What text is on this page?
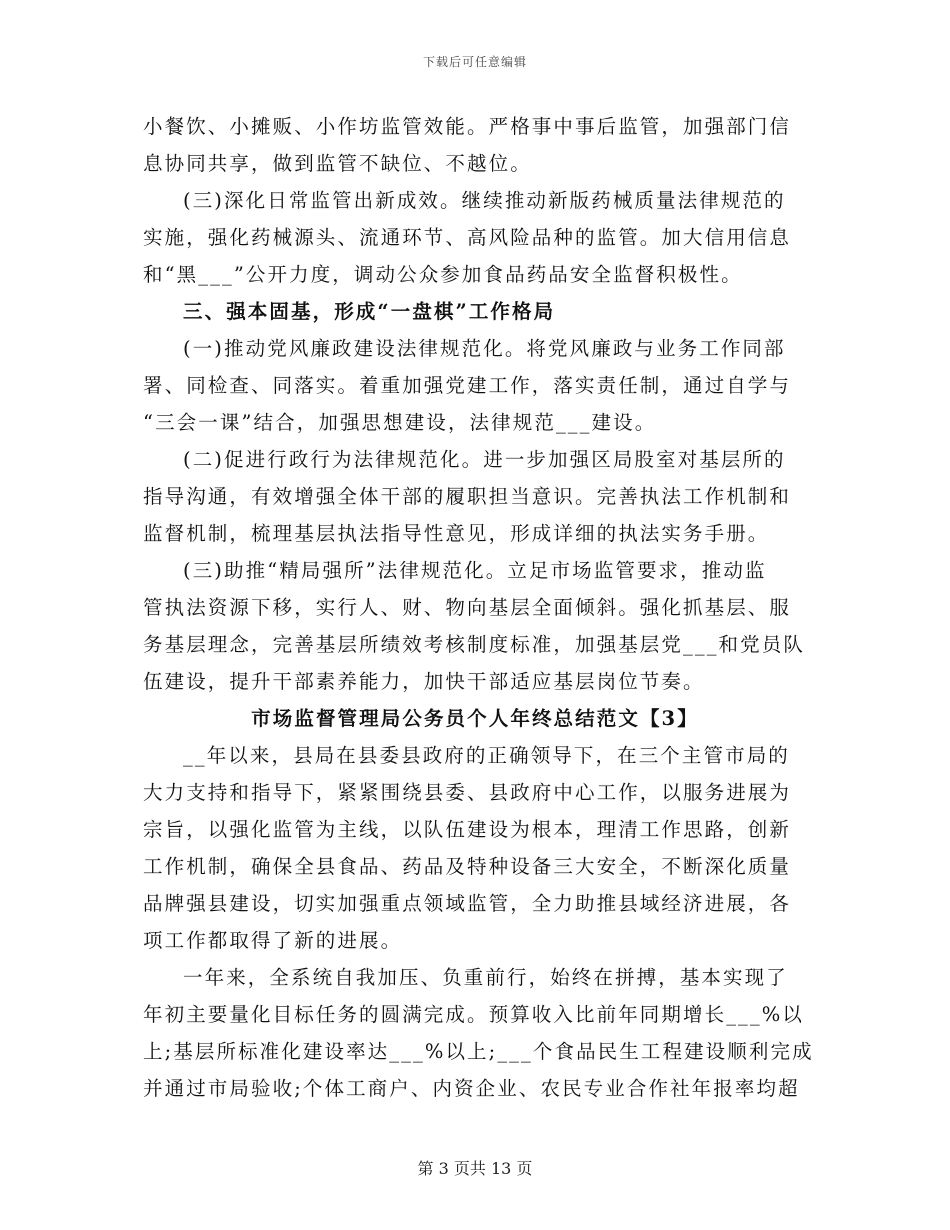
下载后可任意编辑
小餐饮、小摊贩、小作坊监管效能。严格事中事后监管，加强部门信
息协同共享，做到监管不缺位、不越位。
(三)深化日常监管出新成效。继续推动新版药械质量法律规范的
实施，强化药械源头、流通环节、高风险品种的监管。加大信用信息
和“黑___”公开力度，调动公众参加食品药品安全监督积极性。
三、强本固基，形成“一盘棋”工作格局
(一)推动党风廉政建设法律规范化。将党风廉政与业务工作同部
署、同检查、同落实。着重加强党建工作，落实责任制，通过自学与
“三会一课”结合，加强思想建设，法律规范___建设。
(二)促进行政行为法律规范化。进一步加强区局股室对基层所的
指导沟通，有效增强全体干部的履职担当意识。完善执法工作机制和
监督机制，梳理基层执法指导性意见，形成详细的执法实务手册。
(三)助推“精局强所”法律规范化。立足市场监管要求，推动监
管执法资源下移，实行人、财、物向基层全面倾斜。强化抓基层、服
务基层理念，完善基层所绩效考核制度标准，加强基层党___和党员队
伍建设，提升干部素养能力，加快干部适应基层岗位节奏。
市场监督管理局公务员个人年终总结范文【3】
__年以来，县局在县委县政府的正确领导下，在三个主管市局的
大力支持和指导下，紧紧围绕县委、县政府中心工作，以服务进展为
宗旨，以强化监管为主线，以队伍建设为根本，理清工作思路，创新
工作机制，确保全县食品、药品及特种设备三大安全，不断深化质量
品牌强县建设，切实加强重点领域监管，全力助推县域经济进展，各
项工作都取得了新的进展。
一年来，全系统自我加压、负重前行，始终在拼搏，基本实现了
年初主要量化目标任务的圆满完成。预算收入比前年同期增长___%以
上;基层所标准化建设率达___%以上;___个食品民生工程建设顺利完成
并通过市局验收;个体工商户、内资企业、农民专业合作社年报率均超
第 3 页共 13 页
